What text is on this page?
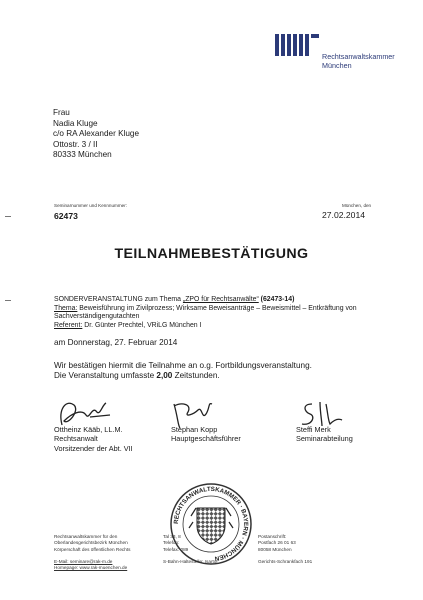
Rechtsanwaltskammer
München
Frau
Nadia Kluge
c/o RA Alexander Kluge
Ottostr. 3 / II
80333 München
Seminarnummer und Kennnummer:
62473
München, den
27.02.2014
TEILNAHMEBESTÄTIGUNG
SONDERVERANSTALTUNG zum Thema „ZPO für Rechtsanwälte“ (62473-14)
Thema: Beweisführung im Zivilprozess; Wirksame Beweisanträge – Beweismittel – Entkräftung von
Sachverständigengutachten
Referent: Dr. Günter Prechtel, VRiLG München I
am Donnerstag, 27. Februar 2014
Wir bestätigen hiermit die Teilnahme an o.g. Fortbildungsveranstaltung.
Die Veranstaltung umfasste 2,00 Zeitstunden.
Ottheinz Kääb, LL.M.
Rechtsanwalt
Vorsitzender der Abt. VII
Stephan Kopp
Hauptgeschäftsführer
Steffi Merk
Seminarabteilung
RECHTSANWALTSKAMMER · BAYERN · MÜNCHEN
Rechtsanwaltskammer für den
Oberlandesgerichtsbezirk München
Körperschaft des öffentlichen Rechts

E-Mail: seminare@rak-m.de
Homepage: www.rak-muenchen.de
Tal 33, 8
Telefon:
Telefax: 089

S-Bahn-Haltestelle: Isartor
Postanschrift:
Postfach 26 01 63
80058 München

Gerichts-Schrankfach 191
